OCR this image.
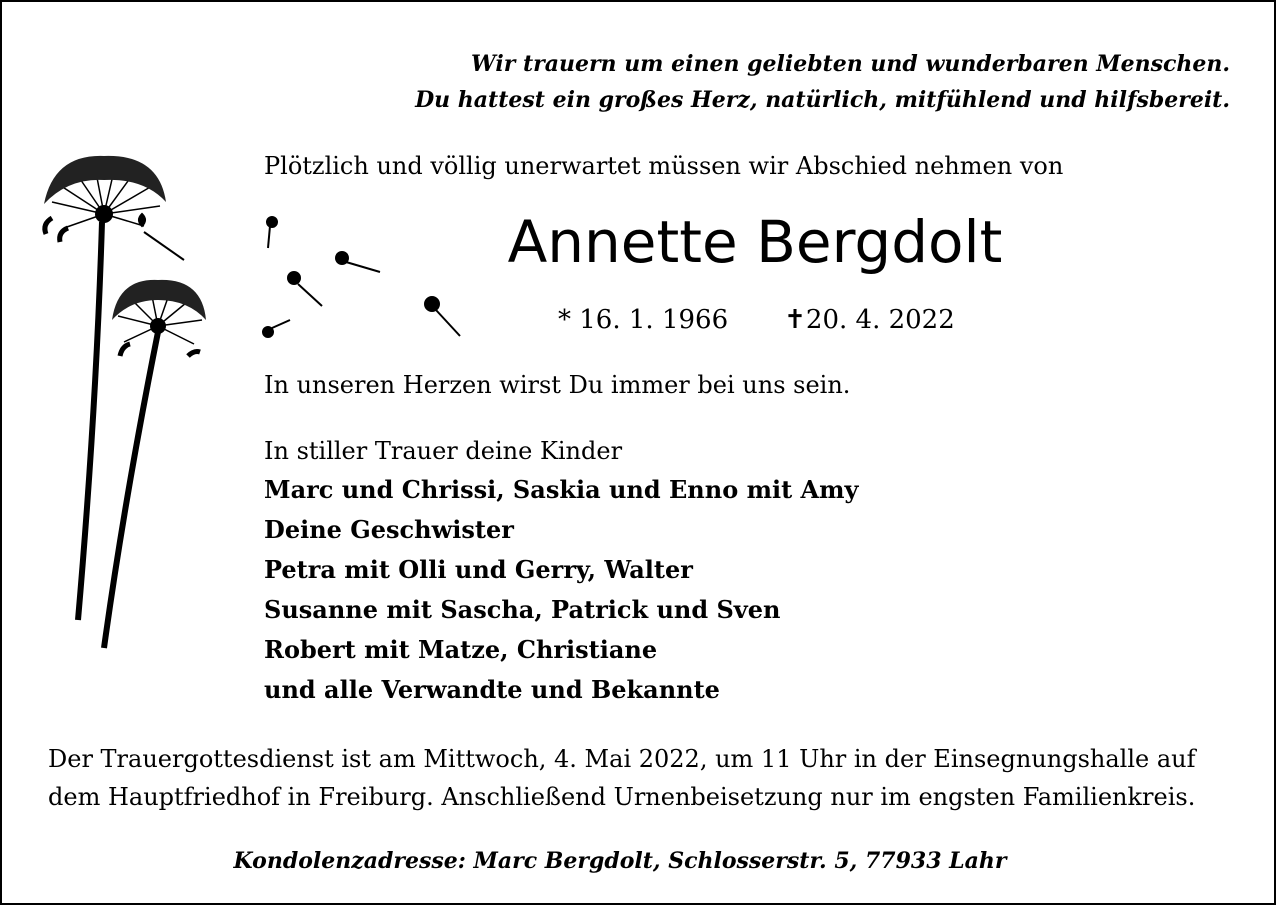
Wir trauern um einen geliebten und wunderbaren Menschen.
Du hattest ein großes Herz, natürlich, mitfühlend und hilfsbereit.
Plötzlich und völlig unerwartet müssen wir Abschied nehmen von
Annette Bergdolt
* 16. 1. 1966 ✝20. 4. 2022
In unseren Herzen wirst Du immer bei uns sein.
In stiller Trauer deine Kinder
Marc und Chrissi, Saskia und Enno mit Amy
Deine Geschwister
Petra mit Olli und Gerry, Walter
Susanne mit Sascha, Patrick und Sven
Robert mit Matze, Christiane
und alle Verwandte und Bekannte
Der Trauergottesdienst ist am Mittwoch, 4. Mai 2022, um 11 Uhr in der Einsegnungshalle auf
dem Hauptfriedhof in Freiburg. Anschließend Urnenbeisetzung nur im engsten Familienkreis.
Kondolenzadresse: Marc Bergdolt, Schlosserstr. 5, 77933 Lahr
